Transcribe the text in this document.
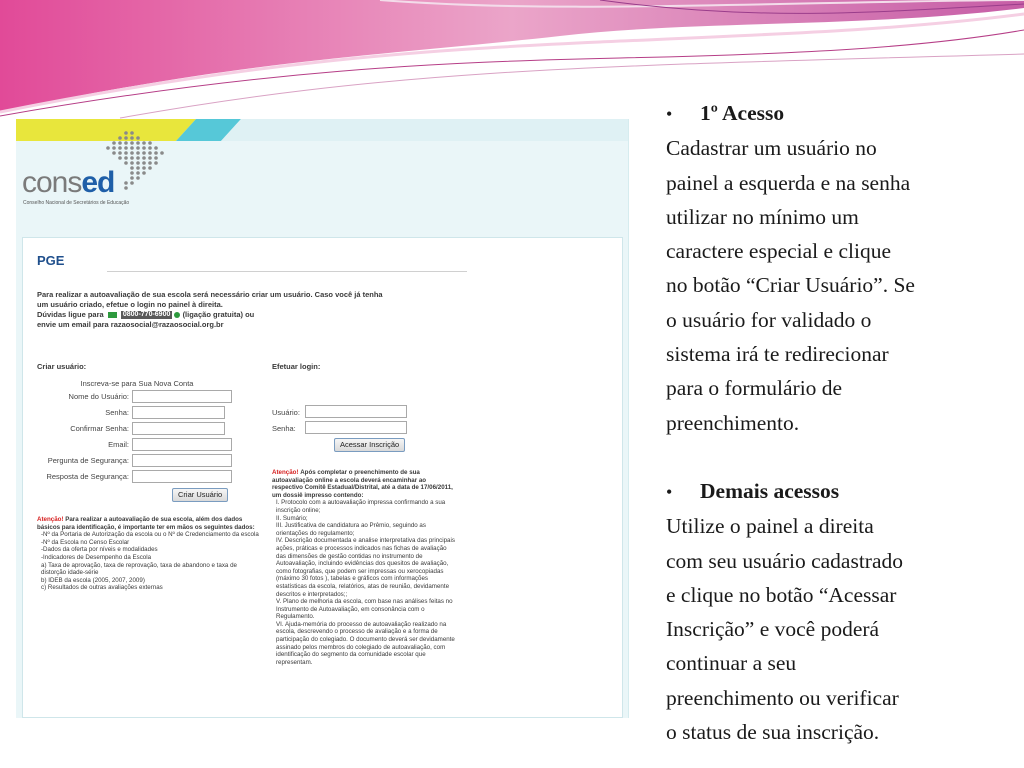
consed
Conselho Nacional de Secretários de Educação
PGE
Para realizar a autoavaliação de sua escola será necessário criar um usuário. Caso você já tenha
um usuário criado, efetue o login no painel à direita.
Dúvidas ligue para	0800-770-6900 (ligação gratuita) ou
envie um email para razaosocial@razaosocial.org.br
Criar usuário:
Inscreva-se para Sua Nova Conta
Nome do Usuário:
Senha:
Confirmar Senha:
Email:
Pergunta de Segurança:
Resposta de Segurança:
Criar Usuário
Atenção! Para realizar a autoavaliação de sua escola, além dos dados básicos para identificação, é importante ter em mãos os seguintes dados:
-Nº da Portaria de Autorização da escola ou o Nº de Credenciamento da escola
-Nº da Escola no Censo Escolar
-Dados da oferta por níveis e modalidades
-Indicadores de Desempenho da Escola
a) Taxa de aprovação, taxa de reprovação, taxa de abandono e taxa de distorção idade-série
b) IDEB da escola (2005, 2007, 2009)
c) Resultados de outras avaliações externas
Efetuar login:
Usuário:
Senha:
Acessar Inscrição
Atenção! Após completar o preenchimento de sua autoavaliação online a escola deverá encaminhar ao respectivo Comitê Estadual/Distrital, até a data de 17/06/2011, um dossiê impresso contendo:
I. Protocolo com a autoavaliação impressa confirmando a sua inscrição online;
II. Sumário;
III. Justificativa de candidatura ao Prêmio, seguindo as orientações do regulamento;
IV. Descrição documentada e analise interpretativa das principais ações, práticas e processos indicados nas fichas de avaliação das dimensões de gestão contidas no instrumento de Autoavaliação, incluindo evidências dos quesitos de avaliação, como fotografias, que podem ser impressas ou xerocopiadas (máximo 30 fotos ), tabelas e gráficos com informações estatísticas da escola, relatórios, atas de reunião, devidamente descritos e interpretados;;
V. Plano de melhoria da escola, com base nas análises feitas no Instrumento de Autoavaliação, em consonância com o Regulamento.
VI. Ajuda-memória do processo de autoavaliação realizado na escola, descrevendo o processo de avaliação e a forma de participação do colegiado. O documento deverá ser devidamente assinado pelos membros do colegiado de autoavaliação, com identificação do segmento da comunidade escolar que representam.
•	1º Acesso
Cadastrar um usuário no
painel a esquerda e na senha
utilizar no mínimo um
caractere especial e clique
no botão “Criar Usuário”. Se
o usuário for validado o
sistema irá te redirecionar
para o formulário de
preenchimento.
•	Demais acessos
Utilize o painel a direita
com seu usuário cadastrado
e clique no botão “Acessar
Inscrição” e você poderá
continuar a seu
preenchimento ou verificar
o status de sua inscrição.
